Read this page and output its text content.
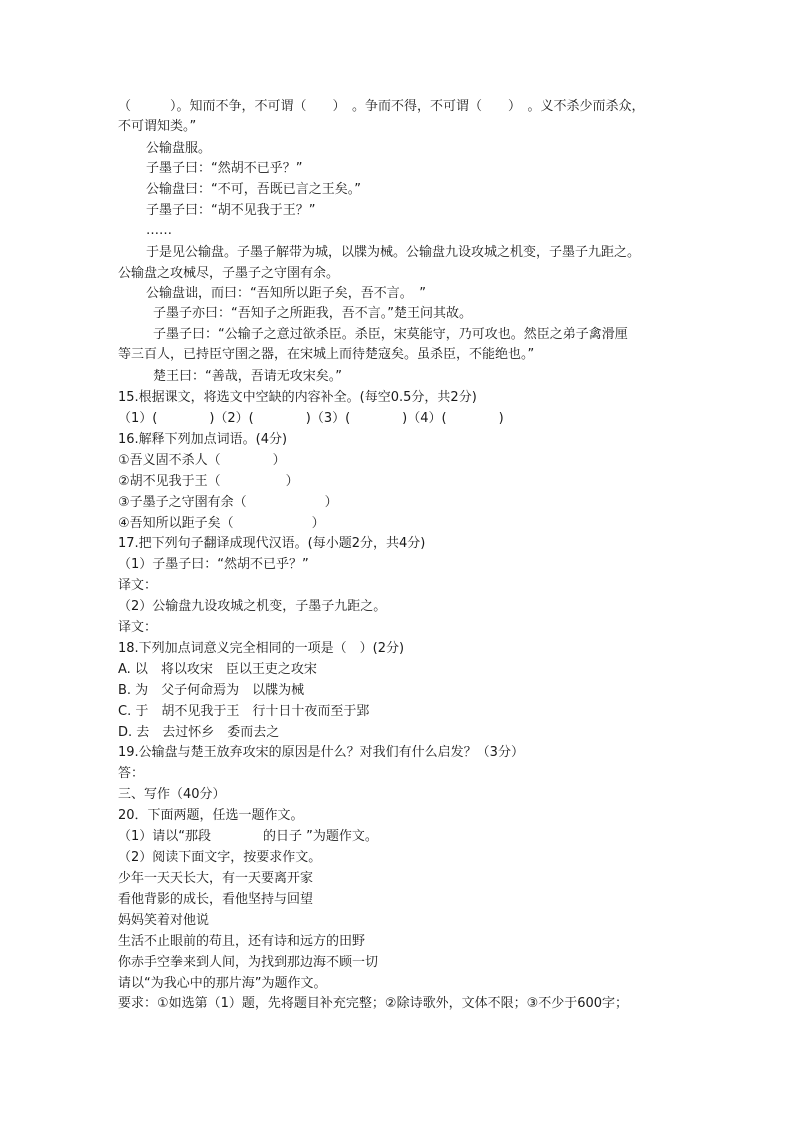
（　　　）。知而不争，不可谓（　　）　。争而不得，不可谓（　　）　。义不杀少而杀众，
不可谓知类。”
公输盘服。
子墨子曰：“然胡不已乎？”
公输盘曰：“不可，吾既已言之王矣。”
子墨子曰：“胡不见我于王？”
……
于是见公输盘。子墨子解带为城，以牒为械。公输盘九设攻城之机变，子墨子九距之。
公输盘之攻械尽，子墨子之守圉有余。
公输盘诎，而曰：“吾知所以距子矣，吾不言。　”
子墨子亦曰：“吾知子之所距我，吾不言。”楚王问其故。
子墨子曰：“公输子之意过欲杀臣。杀臣，宋莫能守，乃可攻也。然臣之弟子禽滑厘
等三百人，已持臣守圉之器，在宋城上而待楚寇矣。虽杀臣，不能绝也。”
楚王曰：“善哉，吾请无攻宋矣。”
15.根据课文，将选文中空缺的内容补全。(每空0.5分，共2分)
（1）(　　　　)（2）(　　　　)（3）(　　　　)（4）(　　　　)
16.解释下列加点词语。(4分)
①吾义固不杀人（　　　　）
②胡不见我于王（　　　　　）
③子墨子之守圉有余（　　　　　　）
④吾知所以距子矣（　　　　　　）
17.把下列句子翻译成现代汉语。(每小题2分，共4分)
（1）子墨子曰：“然胡不已乎？”
译文：
（2）公输盘九设攻城之机变，子墨子九距之。
译文：
18.下列加点词意义完全相同的一项是（　）(2分)
A. 以　将以攻宋　臣以王吏之攻宋
B. 为　父子何命焉为　以牒为械
C. 于　胡不见我于王　行十日十夜而至于郢
D. 去　去过怀乡　委而去之
19.公输盘与楚王放弃攻宋的原因是什么？对我们有什么启发？（3分）
答：
三、写作（40分）
20．下面两题，任选一题作文。
（1）请以“那段　　　　的日子 ”为题作文。
（2）阅读下面文字，按要求作文。
少年一天天长大，有一天要离开家
看他背影的成长，看他坚持与回望
妈妈笑着对他说
生活不止眼前的苟且，还有诗和远方的田野
你赤手空拳来到人间，为找到那边海不顾一切
请以“为我心中的那片海”为题作文。
要求：①如选第（1）题，先将题目补充完整；②除诗歌外，文体不限；③不少于600字；
